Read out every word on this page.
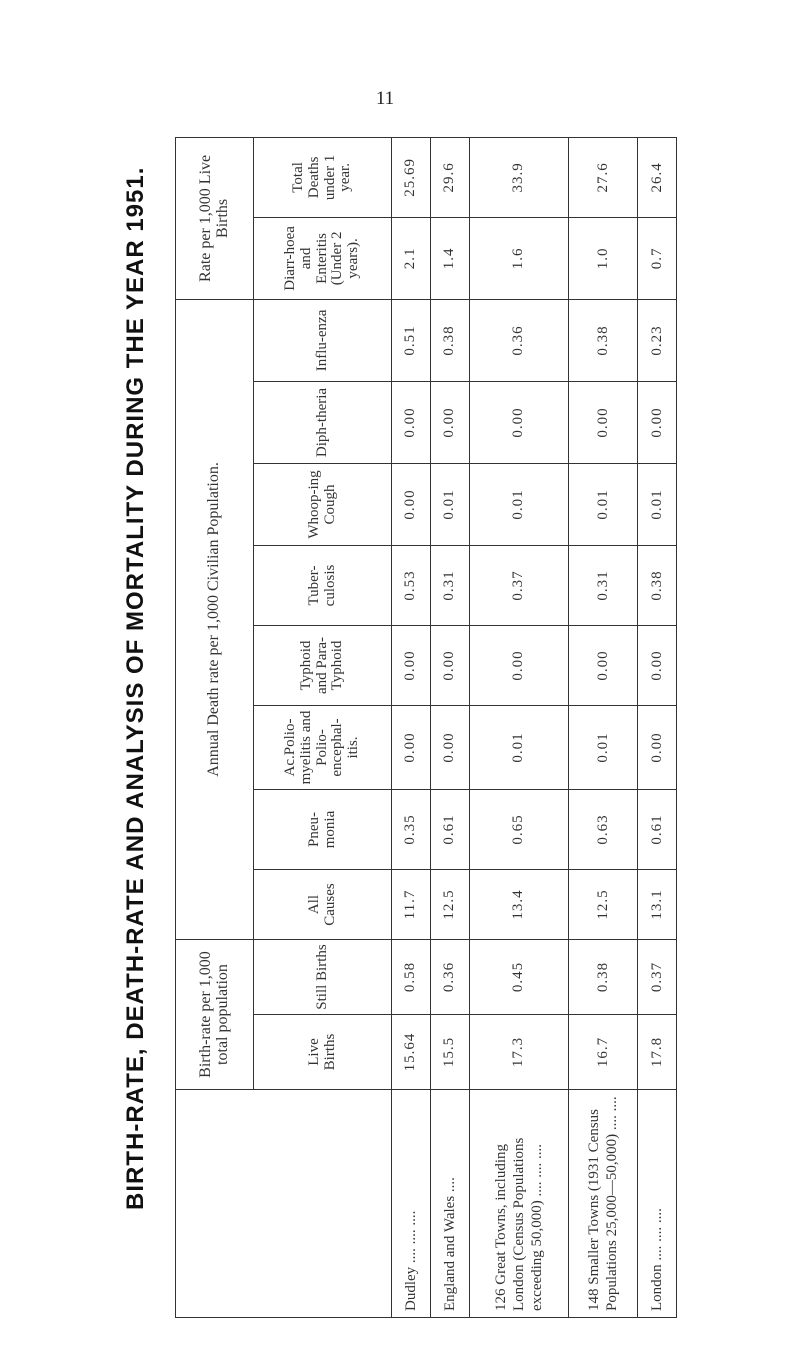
11
BIRTH-RATE, DEATH-RATE AND ANALYSIS OF MORTALITY DURING THE YEAR 1951.
		Birth-rate per 1,000 total population		Annual Death rate per 1,000 Civilian Population.								Rate per 1,000 Live Births	
	Live Births	Still Births	All Causes	Pneu-monia	Ac.Polio-myelitis and Polio-encephal-itis.	Typhoid and Para-Typhoid	Tuber-culosis	Whoop-ing Cough	Diph-theria	Influ-enza	Diarr-hoea and Enteritis (Under 2 years).	Total Deaths under 1 year.
Dudley .... .... ....	15.64	0.58	11.7	0.35	0.00	0.00	0.53	0.00	0.00	0.51	2.1	25.69
England and Wales ....	15.5	0.36	12.5	0.61	0.00	0.00	0.31	0.01	0.00	0.38	1.4	29.6
126 Great Towns, including London (Census Populations exceeding 50,000) .... .... ....	17.3	0.45	13.4	0.65	0.01	0.00	0.37	0.01	0.00	0.36	1.6	33.9
148 Smaller Towns (1931 Census Populations 25,000—50,000) .... ....	16.7	0.38	12.5	0.63	0.01	0.00	0.31	0.01	0.00	0.38	1.0	27.6
London .... .... ....	17.8	0.37	13.1	0.61	0.00	0.00	0.38	0.01	0.00	0.23	0.7	26.4
